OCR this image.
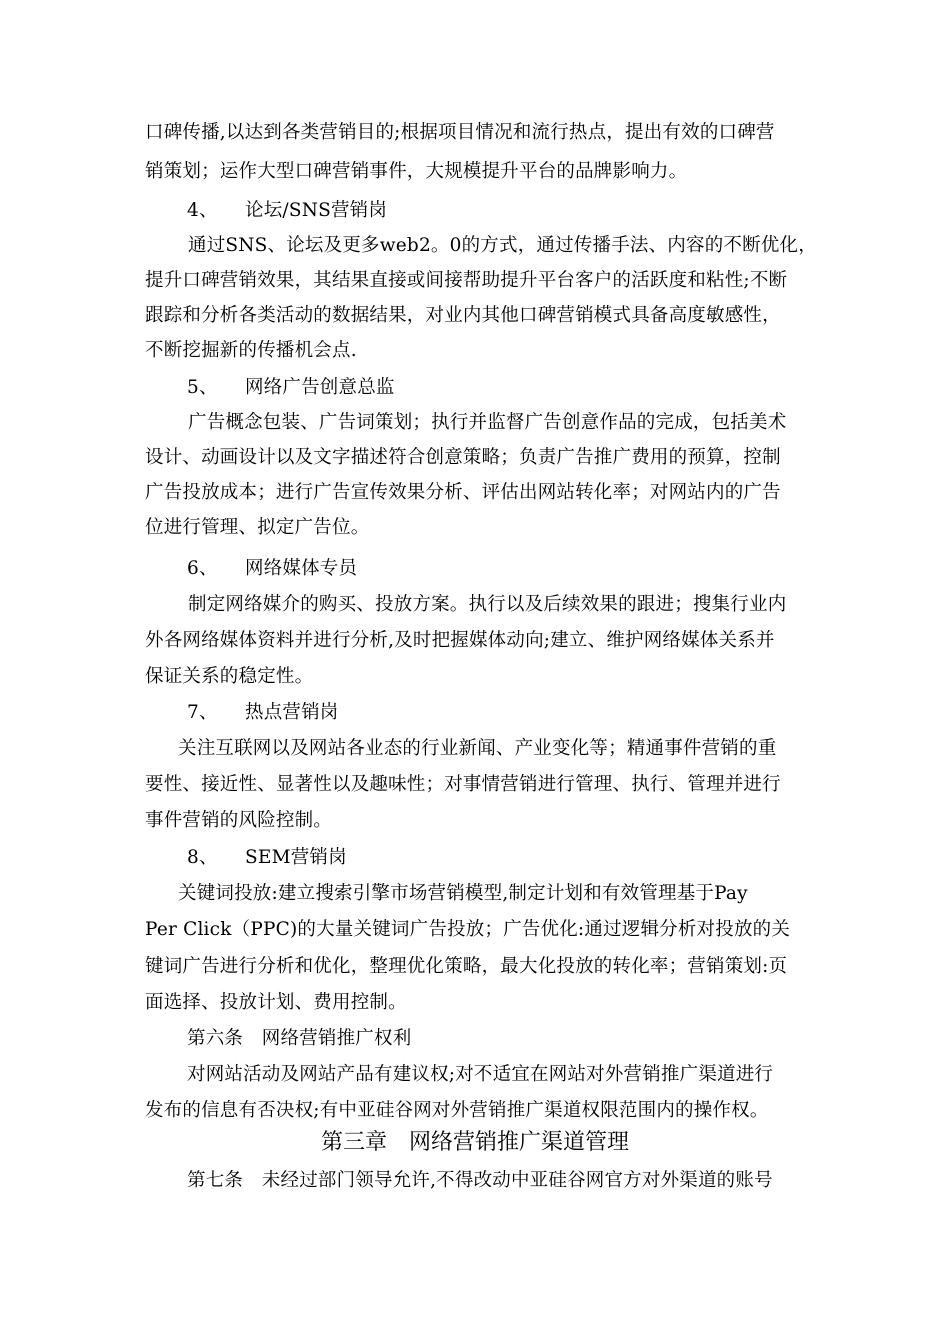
口碑传播,以达到各类营销目的;根据项目情况和流行热点，提出有效的口碑营
销策划；运作大型口碑营销事件，大规模提升平台的品牌影响力。
4、 论坛/SNS营销岗
通过SNS、论坛及更多web2。0的方式，通过传播手法、内容的不断优化，
提升口碑营销效果，其结果直接或间接帮助提升平台客户的活跃度和粘性;不断
跟踪和分析各类活动的数据结果，对业内其他口碑营销模式具备高度敏感性，
不断挖掘新的传播机会点.
5、 网络广告创意总监
广告概念包装、广告词策划；执行并监督广告创意作品的完成，包括美术
设计、动画设计以及文字描述符合创意策略；负责广告推广费用的预算，控制
广告投放成本；进行广告宣传效果分析、评估出网站转化率；对网站内的广告
位进行管理、拟定广告位。
6、 网络媒体专员
制定网络媒介的购买、投放方案。执行以及后续效果的跟进；搜集行业内
外各网络媒体资料并进行分析,及时把握媒体动向;建立、维护网络媒体关系并
保证关系的稳定性。
7、 热点营销岗
关注互联网以及网站各业态的行业新闻、产业变化等；精通事件营销的重
要性、接近性、显著性以及趣味性；对事情营销进行管理、执行、管理并进行
事件营销的风险控制。
8、 SEM营销岗
关键词投放:建立搜索引擎市场营销模型,制定计划和有效管理基于Pay
Per Click（PPC)的大量关键词广告投放；广告优化:通过逻辑分析对投放的关
键词广告进行分析和优化，整理优化策略，最大化投放的转化率；营销策划:页
面选择、投放计划、费用控制。
第六条　网络营销推广权利
对网站活动及网站产品有建议权;对不适宜在网站对外营销推广渠道进行
发布的信息有否决权;有中亚硅谷网对外营销推广渠道权限范围内的操作权。
第三章　网络营销推广渠道管理
第七条　未经过部门领导允许,不得改动中亚硅谷网官方对外渠道的账号
